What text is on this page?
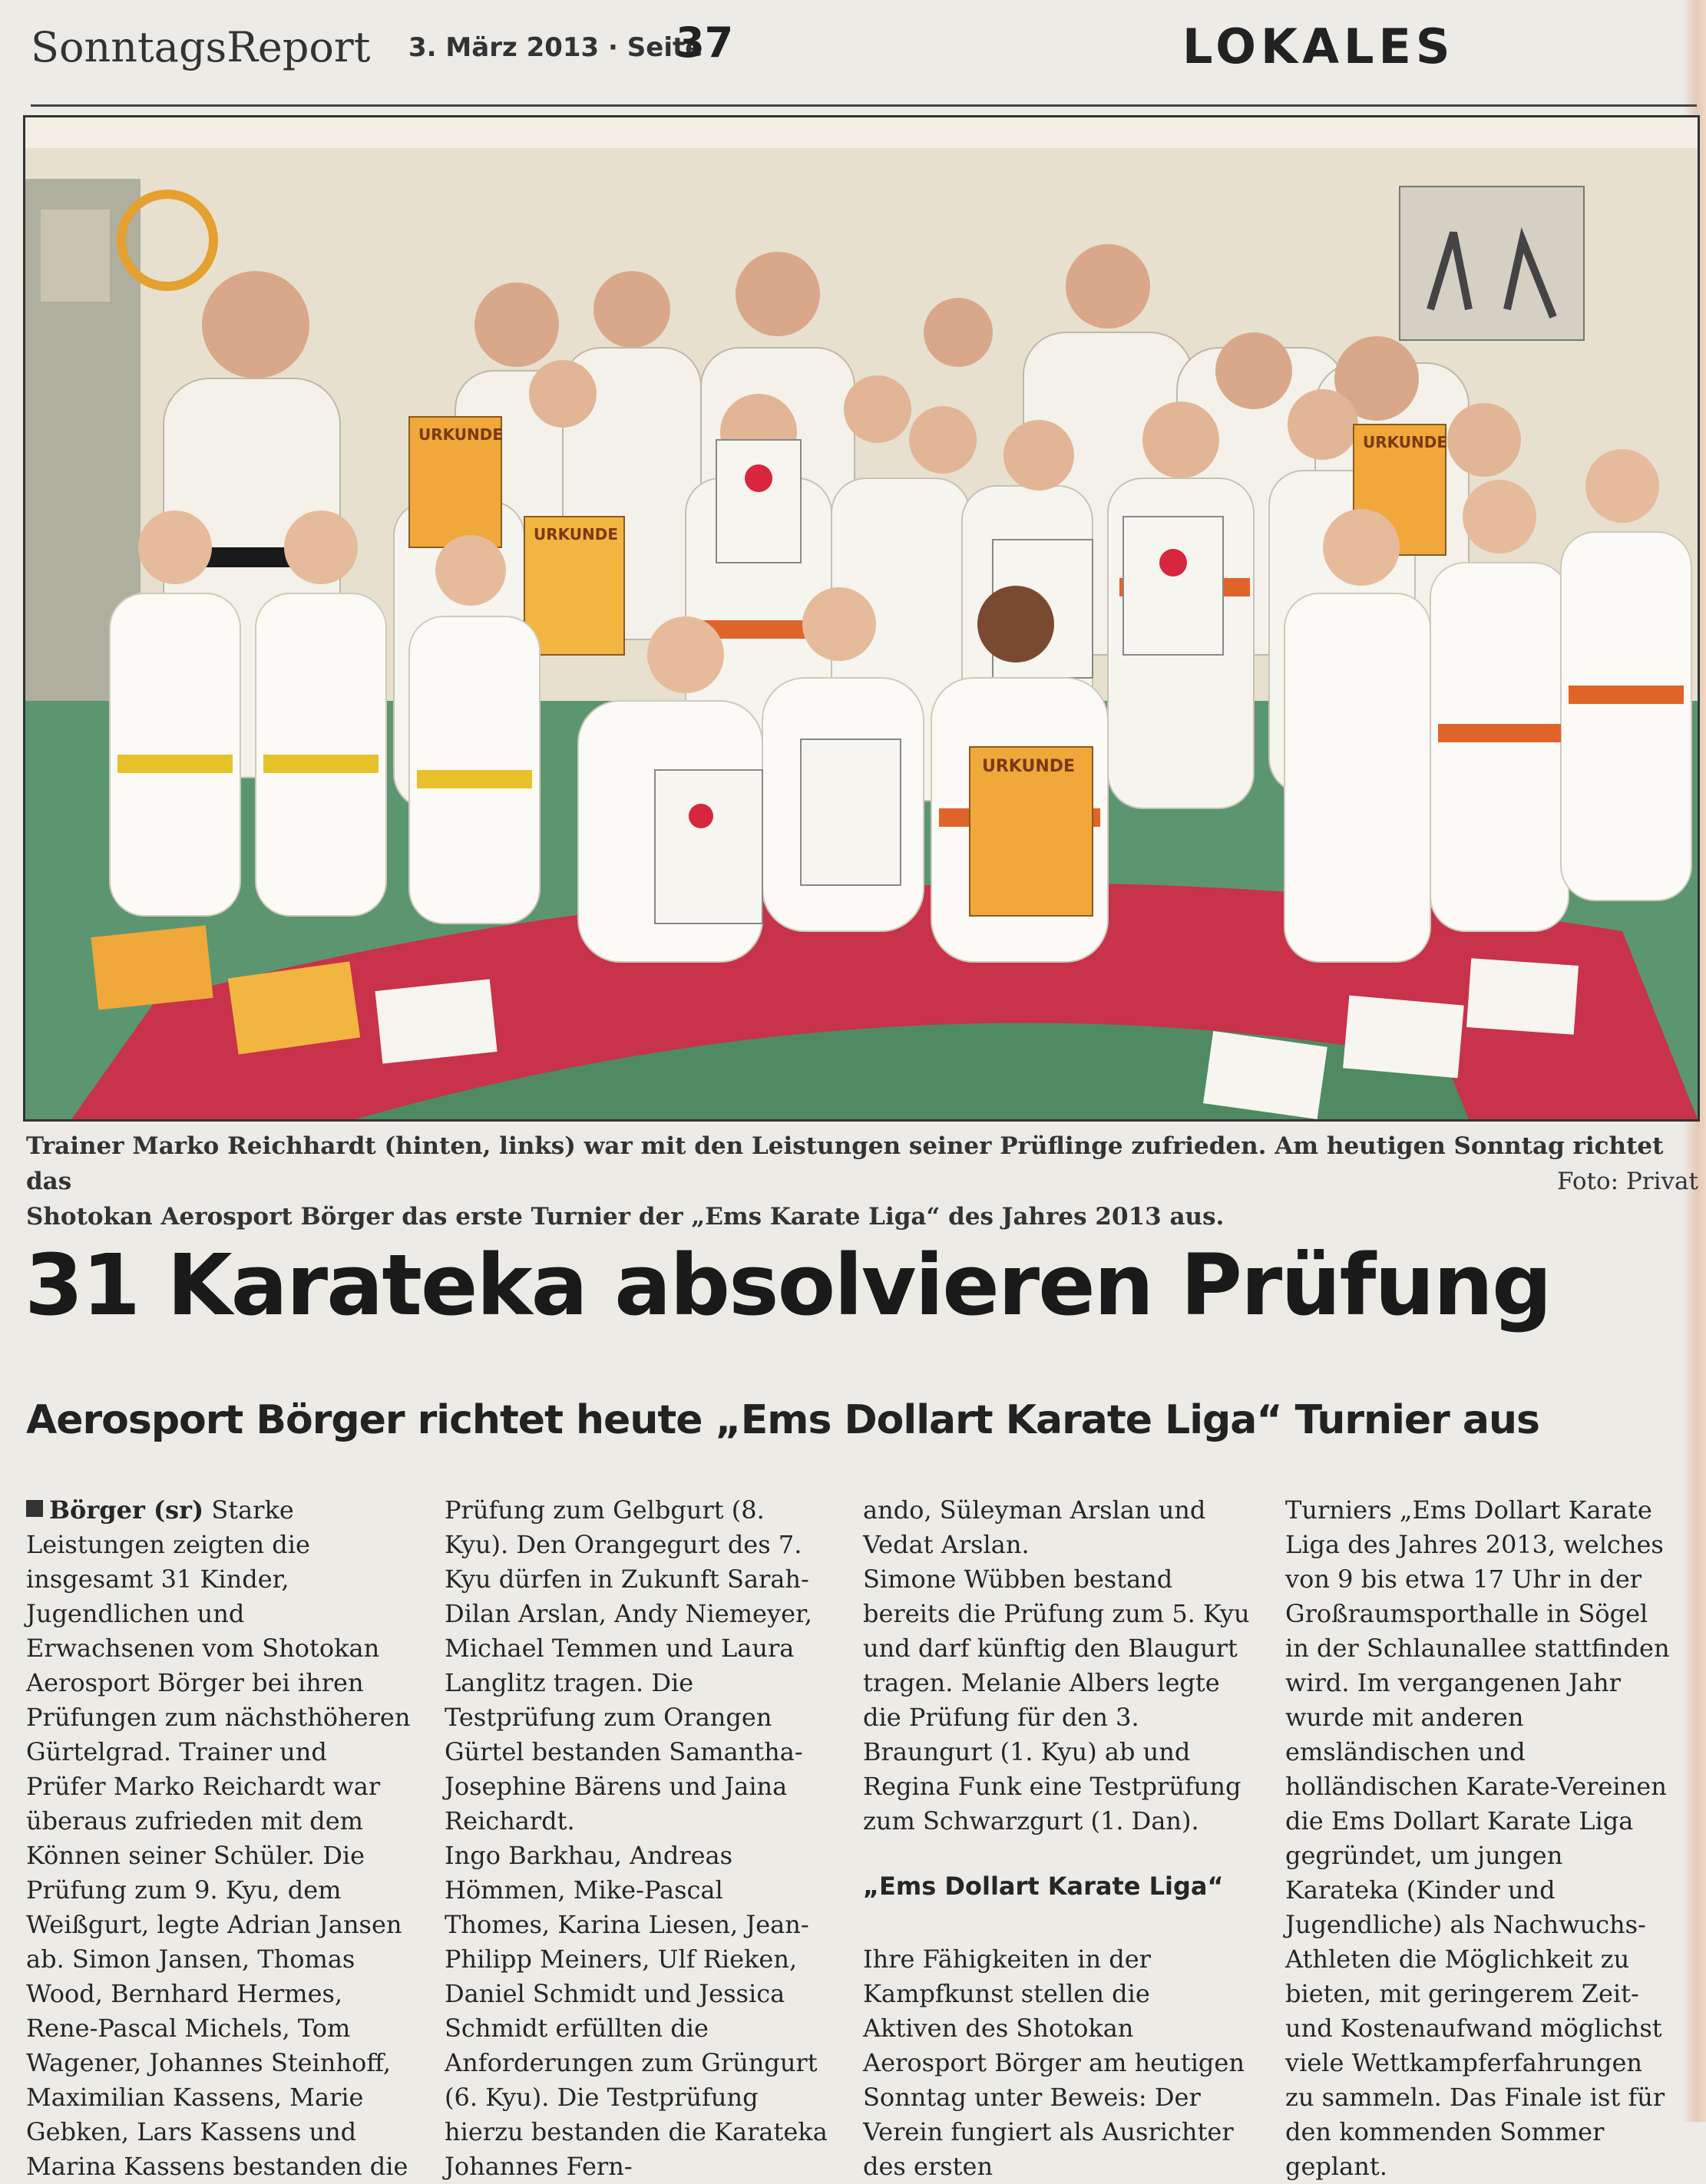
SonntagsReport 3. März 2013 · Seite
37	LOKALES
URKUNDE
URKUNDE
URKUNDE
URKUNDE

Trainer Marko Reichhardt (hinten, links) war mit den Leistungen seiner Prüflinge zufrieden. Am heutigen Sonntag richtet das

Shotokan Aerosport Börger das erste Turnier der „Ems Karate Liga“ des Jahres 2013 aus.

Foto: Privat
31 Karateka absolvieren Prüfung
Aerosport Börger richtet heute „Ems Dollart Karate Liga“ Turnier aus

Börger (sr) Starke Leistungen zeigten die insgesamt 31 Kinder, Jugendlichen und Erwachsenen vom Shotokan Aerosport Börger bei ihren Prüfungen zum nächsthöheren Gürtelgrad. Trainer und Prüfer Marko Reichardt war überaus zufrieden mit dem Können seiner Schüler. Die Prüfung zum 9. Kyu, dem Weißgurt, legte Adrian Jansen ab. Simon Jansen, Thomas Wood, Bernhard Hermes, Rene-Pascal Michels, Tom Wagener, Johannes Steinhoff, Maximilian Kassens, Marie Gebken, Lars Kassens und Marina Kassens bestanden die

Prüfung zum Gelbgurt (8. Kyu). Den Orangegurt des 7. Kyu dürfen in Zukunft Sarah-Dilan Arslan, Andy Niemeyer, Michael Temmen und Laura Langlitz tragen. Die Testprüfung zum Orangen Gürtel bestanden Samantha-Josephine Bärens und Jaina Reichardt.

Ingo Barkhau, Andreas Hömmen, Mike-Pascal Thomes, Karina Liesen, Jean-Philipp Meiners, Ulf Rieken, Daniel Schmidt und Jessica Schmidt erfüllten die Anforderungen zum Grüngurt (6. Kyu). Die Testprüfung hierzu bestanden die Karateka Johannes Fern-

ando, Süleyman Arslan und Vedat Arslan.

Simone Wübben bestand bereits die Prüfung zum 5. Kyu und darf künftig den Blaugurt tragen. Melanie Albers legte die Prüfung für den 3. Braungurt (1. Kyu) ab und Regina Funk eine Testprüfung zum Schwarzgurt (1. Dan).

„Ems Dollart Karate Liga“

Ihre Fähigkeiten in der Kampfkunst stellen die Aktiven des Shotokan Aerosport Börger am heutigen Sonntag unter Beweis: Der Verein fungiert als Ausrichter des ersten

Turniers „Ems Dollart Karate Liga des Jahres 2013, welches von 9 bis etwa 17 Uhr in der Großraumsporthalle in Sögel in der Schlaunallee stattfinden wird. Im vergangenen Jahr wurde mit anderen emsländischen und holländischen Karate-Vereinen die Ems Dollart Karate Liga gegründet, um jungen Karateka (Kinder und Jugendliche) als Nachwuchs-Athleten die Möglichkeit zu bieten, mit geringerem Zeit- und Kostenaufwand möglichst viele Wettkampferfahrungen zu sammeln. Das Finale ist für den kommenden Sommer geplant.
